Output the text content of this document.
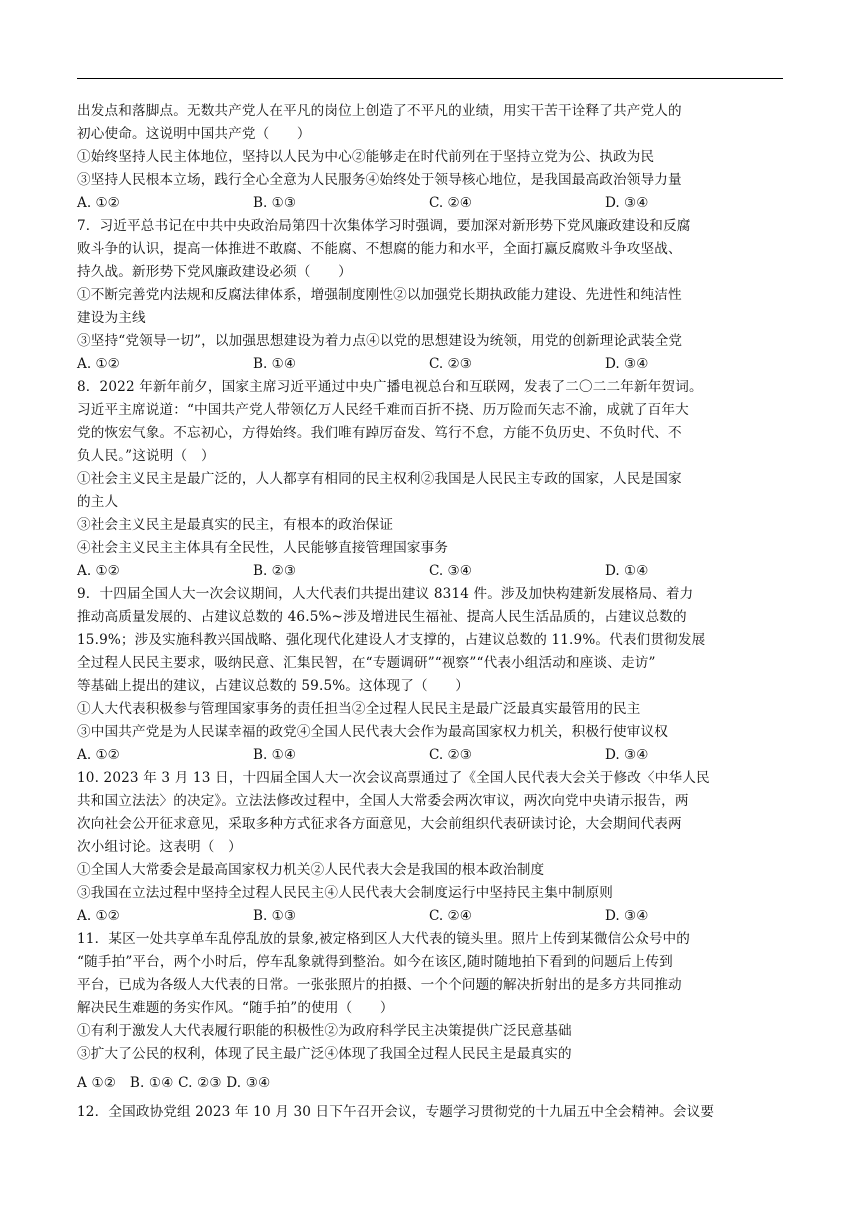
出发点和落脚点。无数共产党人在平凡的岗位上创造了不平凡的业绩，用实干苦干诠释了共产党人的
初心使命。这说明中国共产党（　　）
①始终坚持人民主体地位，坚持以人民为中心②能够走在时代前列在于坚持立党为公、执政为民
③坚持人民根本立场，践行全心全意为人民服务④始终处于领导核心地位，是我国最高政治领导力量
A. ①②	B. ①③	C. ②④	D. ③④
7．习近平总书记在中共中央政治局第四十次集体学习时强调，要加深对新形势下党风廉政建设和反腐
败斗争的认识，提高一体推进不敢腐、不能腐、不想腐的能力和水平，全面打赢反腐败斗争攻坚战、
持久战。新形势下党风廉政建设必须（　　）
①不断完善党内法规和反腐法律体系，增强制度刚性②以加强党长期执政能力建设、先进性和纯洁性
建设为主线
③坚持“党领导一切”，以加强思想建设为着力点④以党的思想建设为统领，用党的创新理论武装全党
A. ①②	B. ①④	C. ②③	D. ③④
8．2022 年新年前夕，国家主席习近平通过中央广播电视总台和互联网，发表了二〇二二年新年贺词。
习近平主席说道：“中国共产党人带领亿万人民经千难而百折不挠、历万险而矢志不渝，成就了百年大
党的恢宏气象。不忘初心，方得始终。我们唯有踔厉奋发、笃行不怠，方能不负历史、不负时代、不
负人民。”这说明（　）
①社会主义民主是最广泛的，人人都享有相同的民主权利②我国是人民民主专政的国家，人民是国家
的主人
③社会主义民主是最真实的民主，有根本的政治保证
④社会主义民主主体具有全民性，人民能够直接管理国家事务
A. ①②	B. ②③	C. ③④	D. ①④
9．十四届全国人大一次会议期间，人大代表们共提出建议 8314 件。涉及加快构建新发展格局、着力
推动高质量发展的、占建议总数的 46.5%~涉及增进民生福祉、提高人民生活品质的，占建议总数的
15.9%；涉及实施科教兴国战略、强化现代化建设人才支撑的，占建议总数的 11.9%。代表们贯彻发展
全过程人民民主要求，吸纳民意、汇集民智，在“专题调研”“视察”“代表小组活动和座谈、走访”
等基础上提出的建议，占建议总数的 59.5%。这体现了（　　）
①人大代表积极参与管理国家事务的责任担当②全过程人民民主是最广泛最真实最管用的民主
③中国共产党是为人民谋幸福的政党④全国人民代表大会作为最高国家权力机关，积极行使审议权
A. ①②	B. ①④	C. ②③	D. ③④
10. 2023 年 3 月 13 日，十四届全国人大一次会议高票通过了《全国人民代表大会关于修改〈中华人民
共和国立法法〉的决定》。立法法修改过程中，全国人大常委会两次审议，两次向党中央请示报告，两
次向社会公开征求意见，采取多种方式征求各方面意见，大会前组织代表研读讨论，大会期间代表两
次小组讨论。这表明（　）
①全国人大常委会是最高国家权力机关②人民代表大会是我国的根本政治制度
③我国在立法过程中坚持全过程人民民主④人民代表大会制度运行中坚持民主集中制原则
A. ①②	B. ①③	C. ②④	D. ③④
11．某区一处共享单车乱停乱放的景象,被定格到区人大代表的镜头里。照片上传到某微信公众号中的
“随手拍”平台，两个小时后，停车乱象就得到整治。如今在该区,随时随地拍下看到的问题后上传到
平台，已成为各级人大代表的日常。一张张照片的拍摄、一个个问题的解决折射出的是多方共同推动
解决民生难题的务实作风。“随手拍”的使用（　　）
①有利于激发人大代表履行职能的积极性②为政府科学民主决策提供广泛民意基础
③扩大了公民的权利，体现了民主最广泛④体现了我国全过程人民民主是最真实的
A ①②　B. ①④ C. ②③ D. ③④
12．全国政协党组 2023 年 10 月 30 日下午召开会议，专题学习贯彻党的十九届五中全会精神。会议要
